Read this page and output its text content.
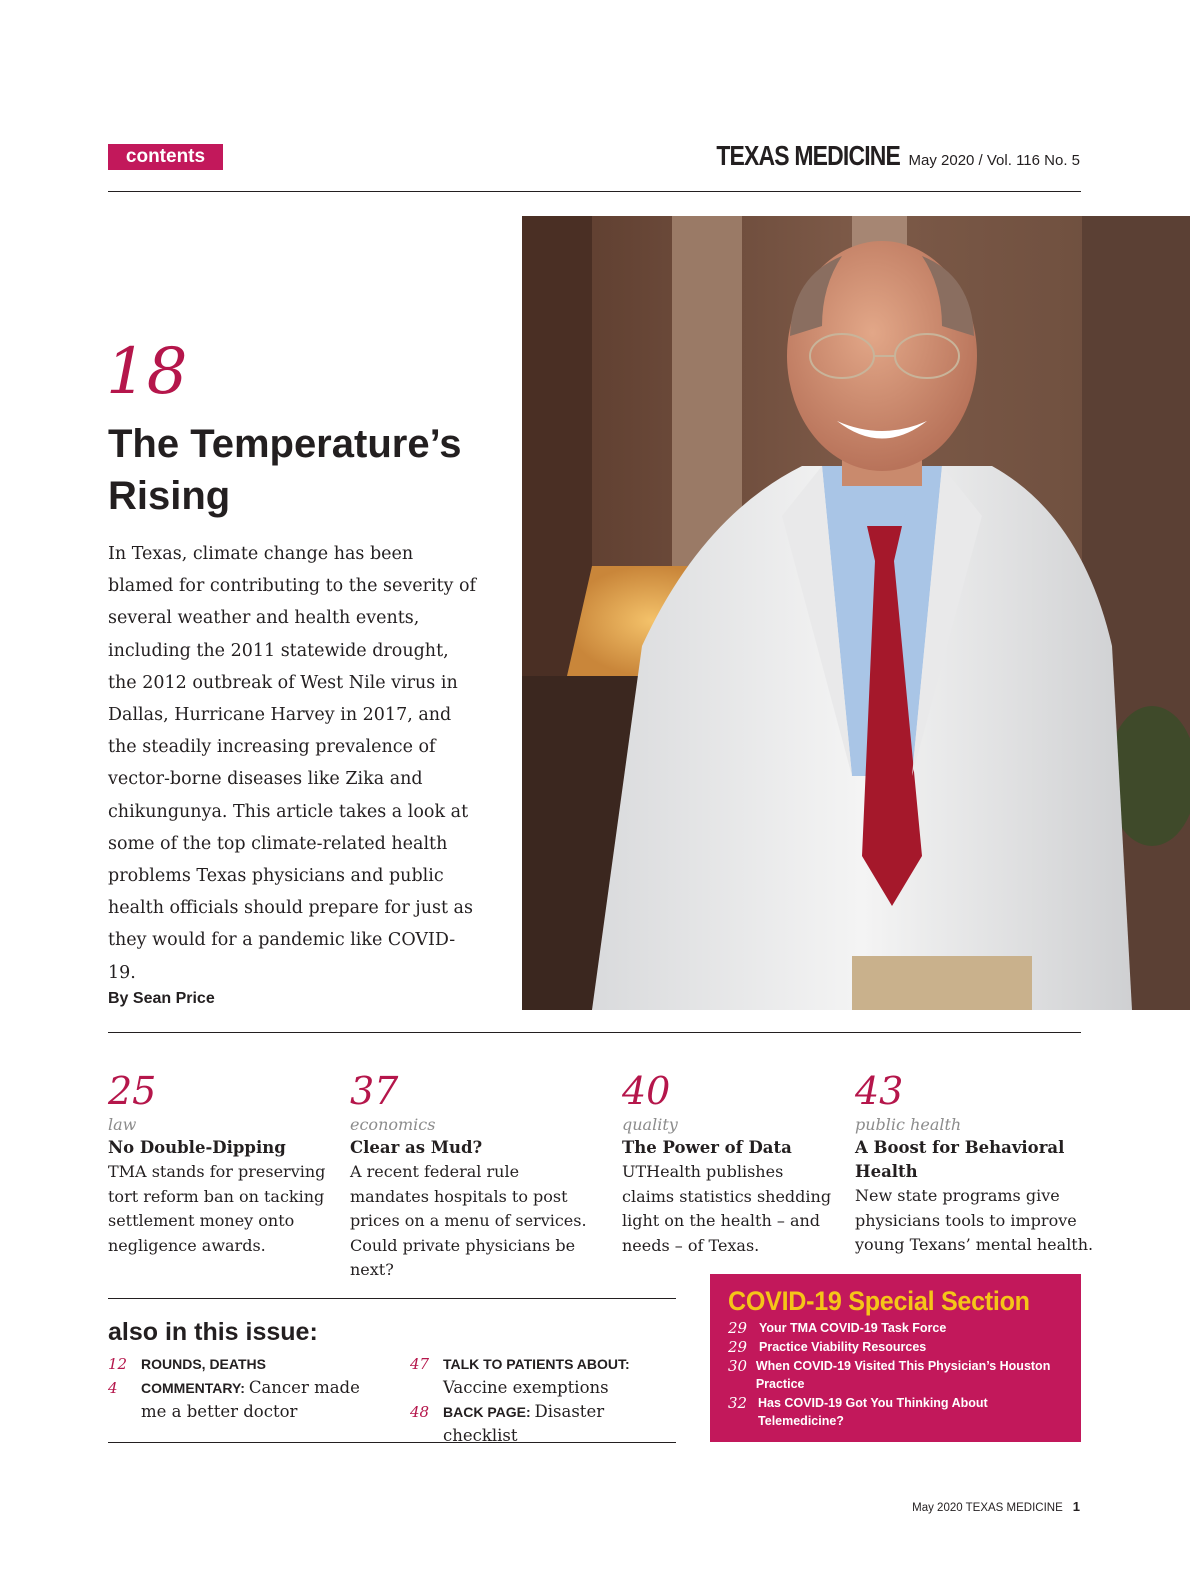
contents	TEXAS MEDICINE May 2020 / Vol. 116 No. 5
18
The Temperature’s Rising

In Texas, climate change has been blamed for contributing to the severity of several weather and health events, including the 2011 statewide drought, the 2012 outbreak of West Nile virus in Dallas, Hurricane Harvey in 2017, and the steadily increasing prevalence of vector-borne diseases like Zika and chikungunya. This article takes a look at some of the top climate-related health problems Texas physicians and public health officials should prepare for just as they would for a pandemic like COVID-19.

By Sean Price
25
law
No Double-Dipping
TMA stands for preserving tort reform ban on tacking settlement money onto negligence awards.
37
economics
Clear as Mud?
A recent federal rule mandates hospitals to post prices on a menu of services. Could private physicians be next?
40
quality
The Power of Data
UTHealth publishes claims statistics shedding light on the health – and needs – of Texas.
43
public health
A Boost for Behavioral Health
New state programs give physicians tools to improve young Texans’ mental health.
also in this issue:
12 ROUNDS, DEATHS
4	COMMENTARY: Cancer made me a better doctor
47 TALK TO PATIENTS ABOUT:
Vaccine exemptions
48 BACK PAGE: Disaster checklist
COVID-19 Special Section
29 Your TMA COVID-19 Task Force
29 Practice Viability Resources
30 When COVID-19 Visited This Physician’s Houston Practice
32 Has COVID-19 Got You Thinking About Telemedicine?
May 2020 TEXAS MEDICINE 1
